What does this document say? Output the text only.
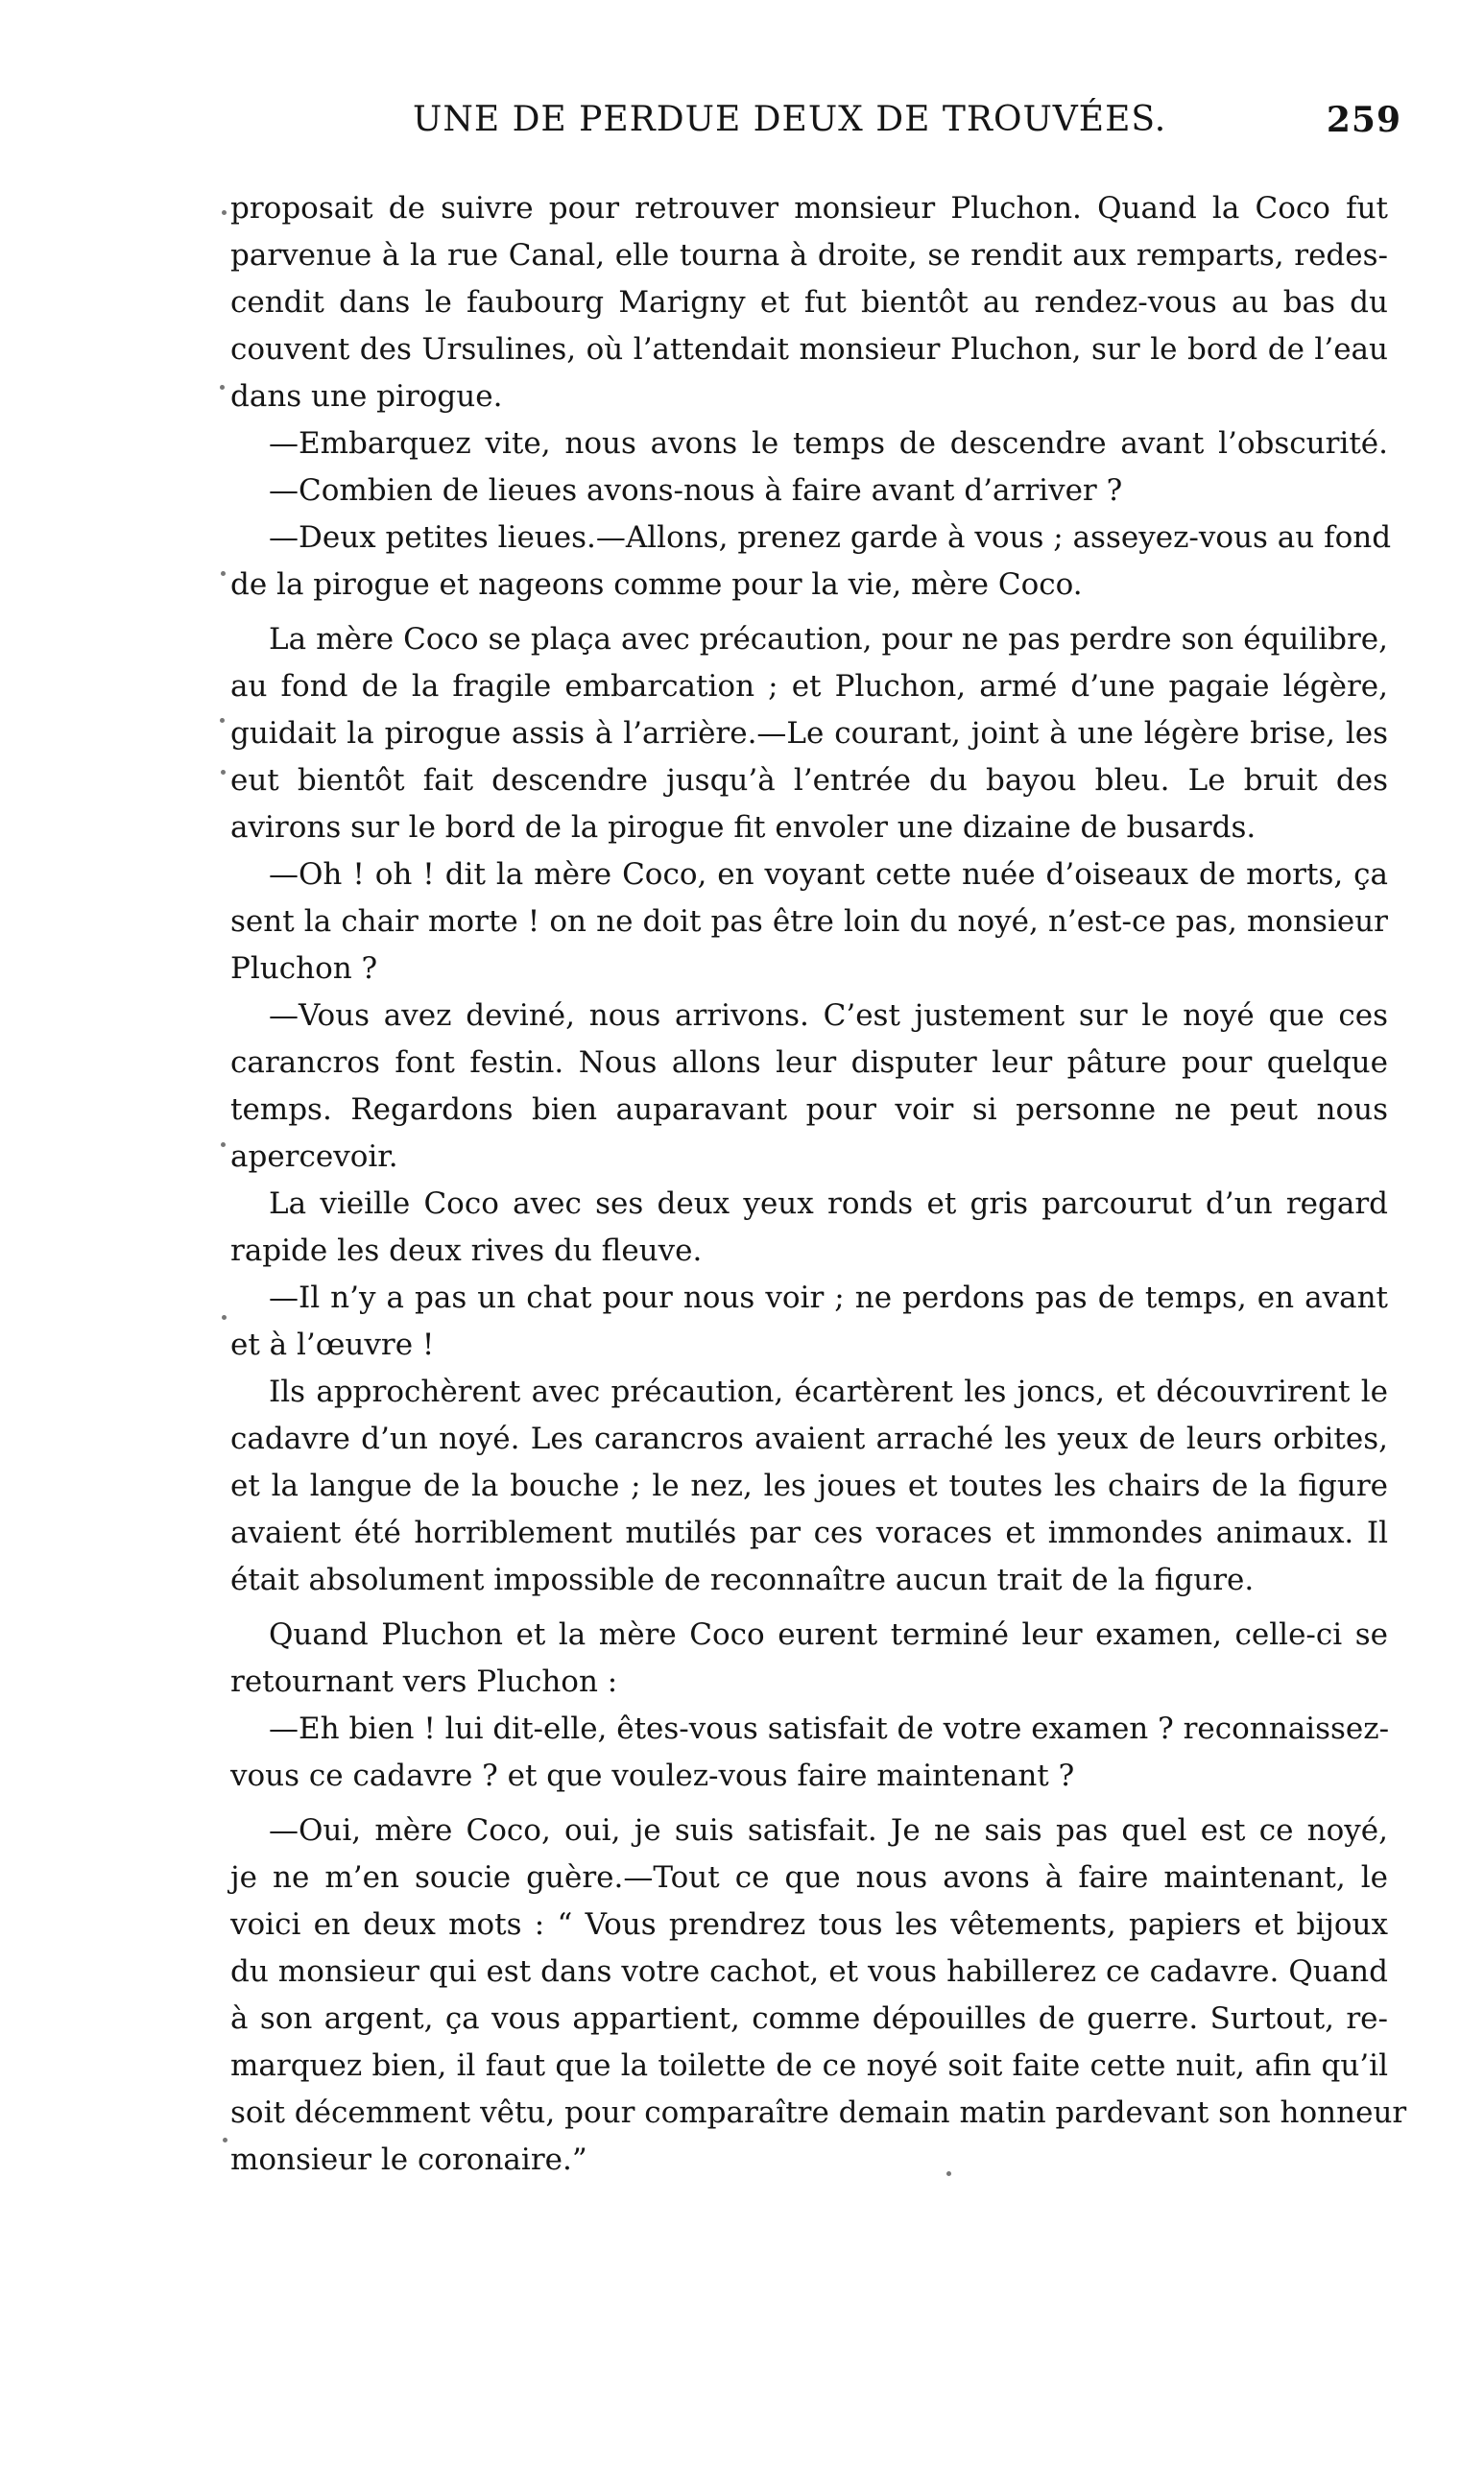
UNE DE PERDUE DEUX DE TROUVÉES.	259
proposait de suivre pour retrouver monsieur Pluchon. Quand la Coco fut
parvenue à la rue Canal, elle tourna à droite, se rendit aux remparts, redes-
cendit dans le faubourg Marigny et fut bientôt au rendez-vous au bas du
couvent des Ursulines, où l’attendait monsieur Pluchon, sur le bord de l’eau
dans une pirogue.
—Embarquez vite, nous avons le temps de descendre avant l’obscurité.
—Combien de lieues avons-nous à faire avant d’arriver ?
—Deux petites lieues.—Allons, prenez garde à vous ; asseyez-vous au fond
de la pirogue et nageons comme pour la vie, mère Coco.
La mère Coco se plaça avec précaution, pour ne pas perdre son équilibre,
au fond de la fragile embarcation ; et Pluchon, armé d’une pagaie légère,
guidait la pirogue assis à l’arrière.—Le courant, joint à une légère brise, les
eut bientôt fait descendre jusqu’à l’entrée du bayou bleu. Le bruit des
avirons sur le bord de la pirogue fit envoler une dizaine de busards.
—Oh ! oh ! dit la mère Coco, en voyant cette nuée d’oiseaux de morts, ça
sent la chair morte ! on ne doit pas être loin du noyé, n’est-ce pas, monsieur
Pluchon ?
—Vous avez deviné, nous arrivons. C’est justement sur le noyé que ces
carancros font festin. Nous allons leur disputer leur pâture pour quelque
temps. Regardons bien auparavant pour voir si personne ne peut nous
apercevoir.
La vieille Coco avec ses deux yeux ronds et gris parcourut d’un regard
rapide les deux rives du fleuve.
—Il n’y a pas un chat pour nous voir ; ne perdons pas de temps, en avant
et à l’œuvre !
Ils approchèrent avec précaution, écartèrent les joncs, et découvrirent le
cadavre d’un noyé. Les carancros avaient arraché les yeux de leurs orbites,
et la langue de la bouche ; le nez, les joues et toutes les chairs de la figure
avaient été horriblement mutilés par ces voraces et immondes animaux. Il
était absolument impossible de reconnaître aucun trait de la figure.
Quand Pluchon et la mère Coco eurent terminé leur examen, celle-ci se
retournant vers Pluchon :
—Eh bien ! lui dit-elle, êtes-vous satisfait de votre examen ? reconnaissez-
vous ce cadavre ? et que voulez-vous faire maintenant ?
—Oui, mère Coco, oui, je suis satisfait. Je ne sais pas quel est ce noyé,
je ne m’en soucie guère.—Tout ce que nous avons à faire maintenant, le
voici en deux mots : “ Vous prendrez tous les vêtements, papiers et bijoux
du monsieur qui est dans votre cachot, et vous habillerez ce cadavre. Quand
à son argent, ça vous appartient, comme dépouilles de guerre. Surtout, re-
marquez bien, il faut que la toilette de ce noyé soit faite cette nuit, afin qu’il
soit décemment vêtu, pour comparaître demain matin pardevant son honneur
monsieur le coronaire.”
